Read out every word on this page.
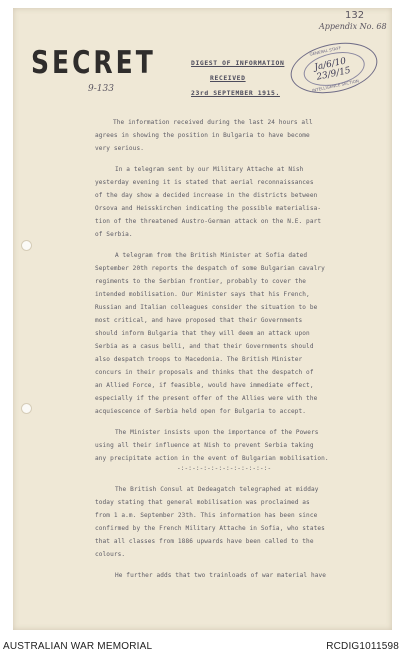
132
Appendix No. 68
SECRET
9-133
GENERAL STAFF
Ja/6/10 23/9/15
INTELLIGENCE SECTION
DIGEST OF INFORMATION
RECEIVED
23rd SEPTEMBER 1915.
The information received during the last 24 hours all
agrees in showing the position in Bulgaria to have become
very serious.
In a telegram sent by our Military Attache at Nish
yesterday evening it is stated that aerial reconnaissances
of the day show a decided increase in the districts between
Orsova and Heisskirchen indicating the possible materialisa-
tion of the threatened Austro-German attack on the N.E. part
of Serbia.
A telegram from the British Minister at Sofia dated
September 20th reports the despatch of some Bulgarian cavalry
regiments to the Serbian frontier, probably to cover the
intended mobilisation. Our Minister says that his French,
Russian and Italian colleagues consider the situation to be
most critical, and have proposed that their Governments
should inform Bulgaria that they will deem an attack upon
Serbia as a casus belli, and that their Governments should
also despatch troops to Macedonia. The British Minister
concurs in their proposals and thinks that the despatch of
an Allied Force, if feasible, would have immediate effect,
especially if the present offer of the Allies were with the
acquiescence of Serbia held open for Bulgaria to accept.
The Minister insists upon the importance of the Powers
using all their influence at Nish to prevent Serbia taking
any precipitate action in the event of Bulgarian mobilisation.
-:-:-:-:-:-:-:-:-:-:-:-:-
The British Consul at Dedeagatch telegraphed at midday
today stating that general mobilisation was proclaimed as
from 1 a.m. September 23th. This information has been since
confirmed by the French Military Attache in Sofia, who states
that all classes from 1886 upwards have been called to the
colours.
He further adds that two trainloads of war material have
AUSTRALIAN WAR MEMORIAL	RCDIG1011598
